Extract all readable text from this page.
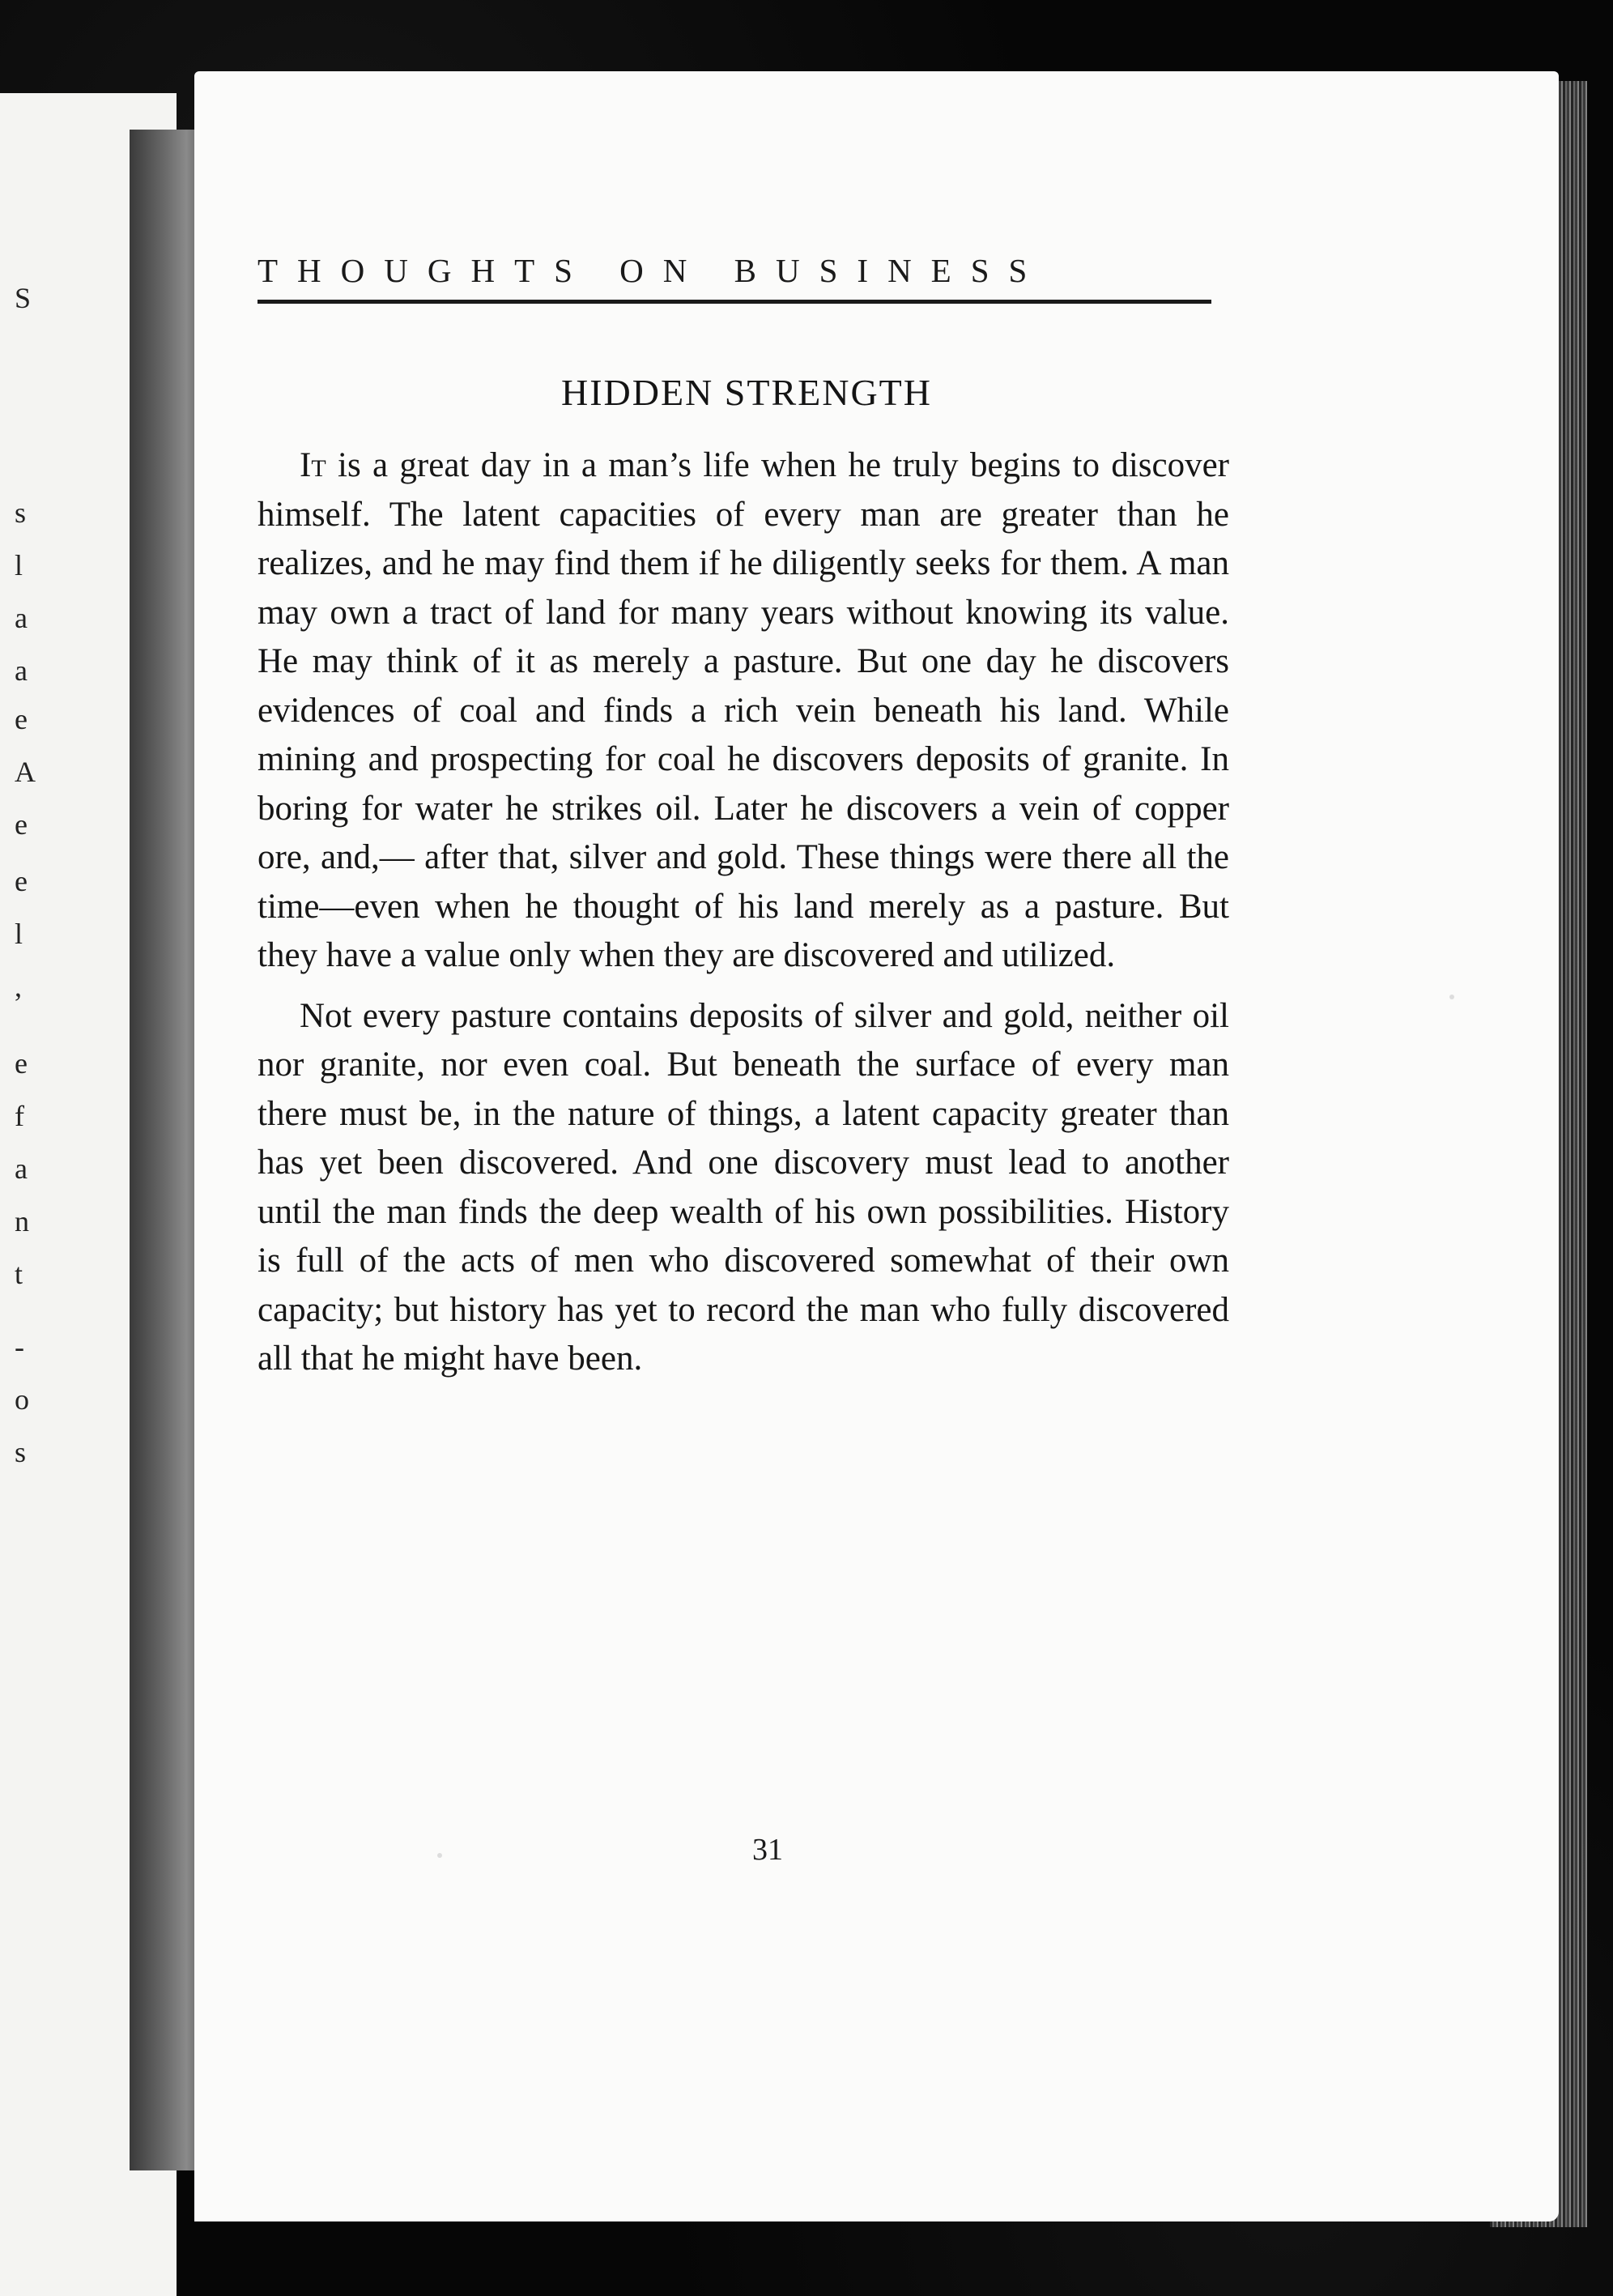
S
s
l
a
a
e
A
e
e
l
,
e
f
a
n
t
-
o
s
THOUGHTS ON BUSINESS
HIDDEN STRENGTH

It is a great day in a man’s life when he truly begins to discover himself. The latent capacities of every man are greater than he realizes, and he may find them if he diligently seeks for them. A man may own a tract of land for many years without knowing its value. He may think of it as merely a pasture. But one day he discovers evidences of coal and finds a rich vein beneath his land. While mining and prospecting for coal he discovers deposits of granite. In boring for water he strikes oil. Later he discovers a vein of copper ore, and,— after that, silver and gold. These things were there all the time—even when he thought of his land merely as a pasture. But they have a value only when they are discovered and utilized.

Not every pasture contains deposits of silver and gold, neither oil nor granite, nor even coal. But beneath the surface of every man there must be, in the nature of things, a latent capacity greater than has yet been discovered. And one discovery must lead to another until the man finds the deep wealth of his own possibilities. History is full of the acts of men who discovered somewhat of their own capacity; but history has yet to record the man who fully discovered all that he might have been.

31
